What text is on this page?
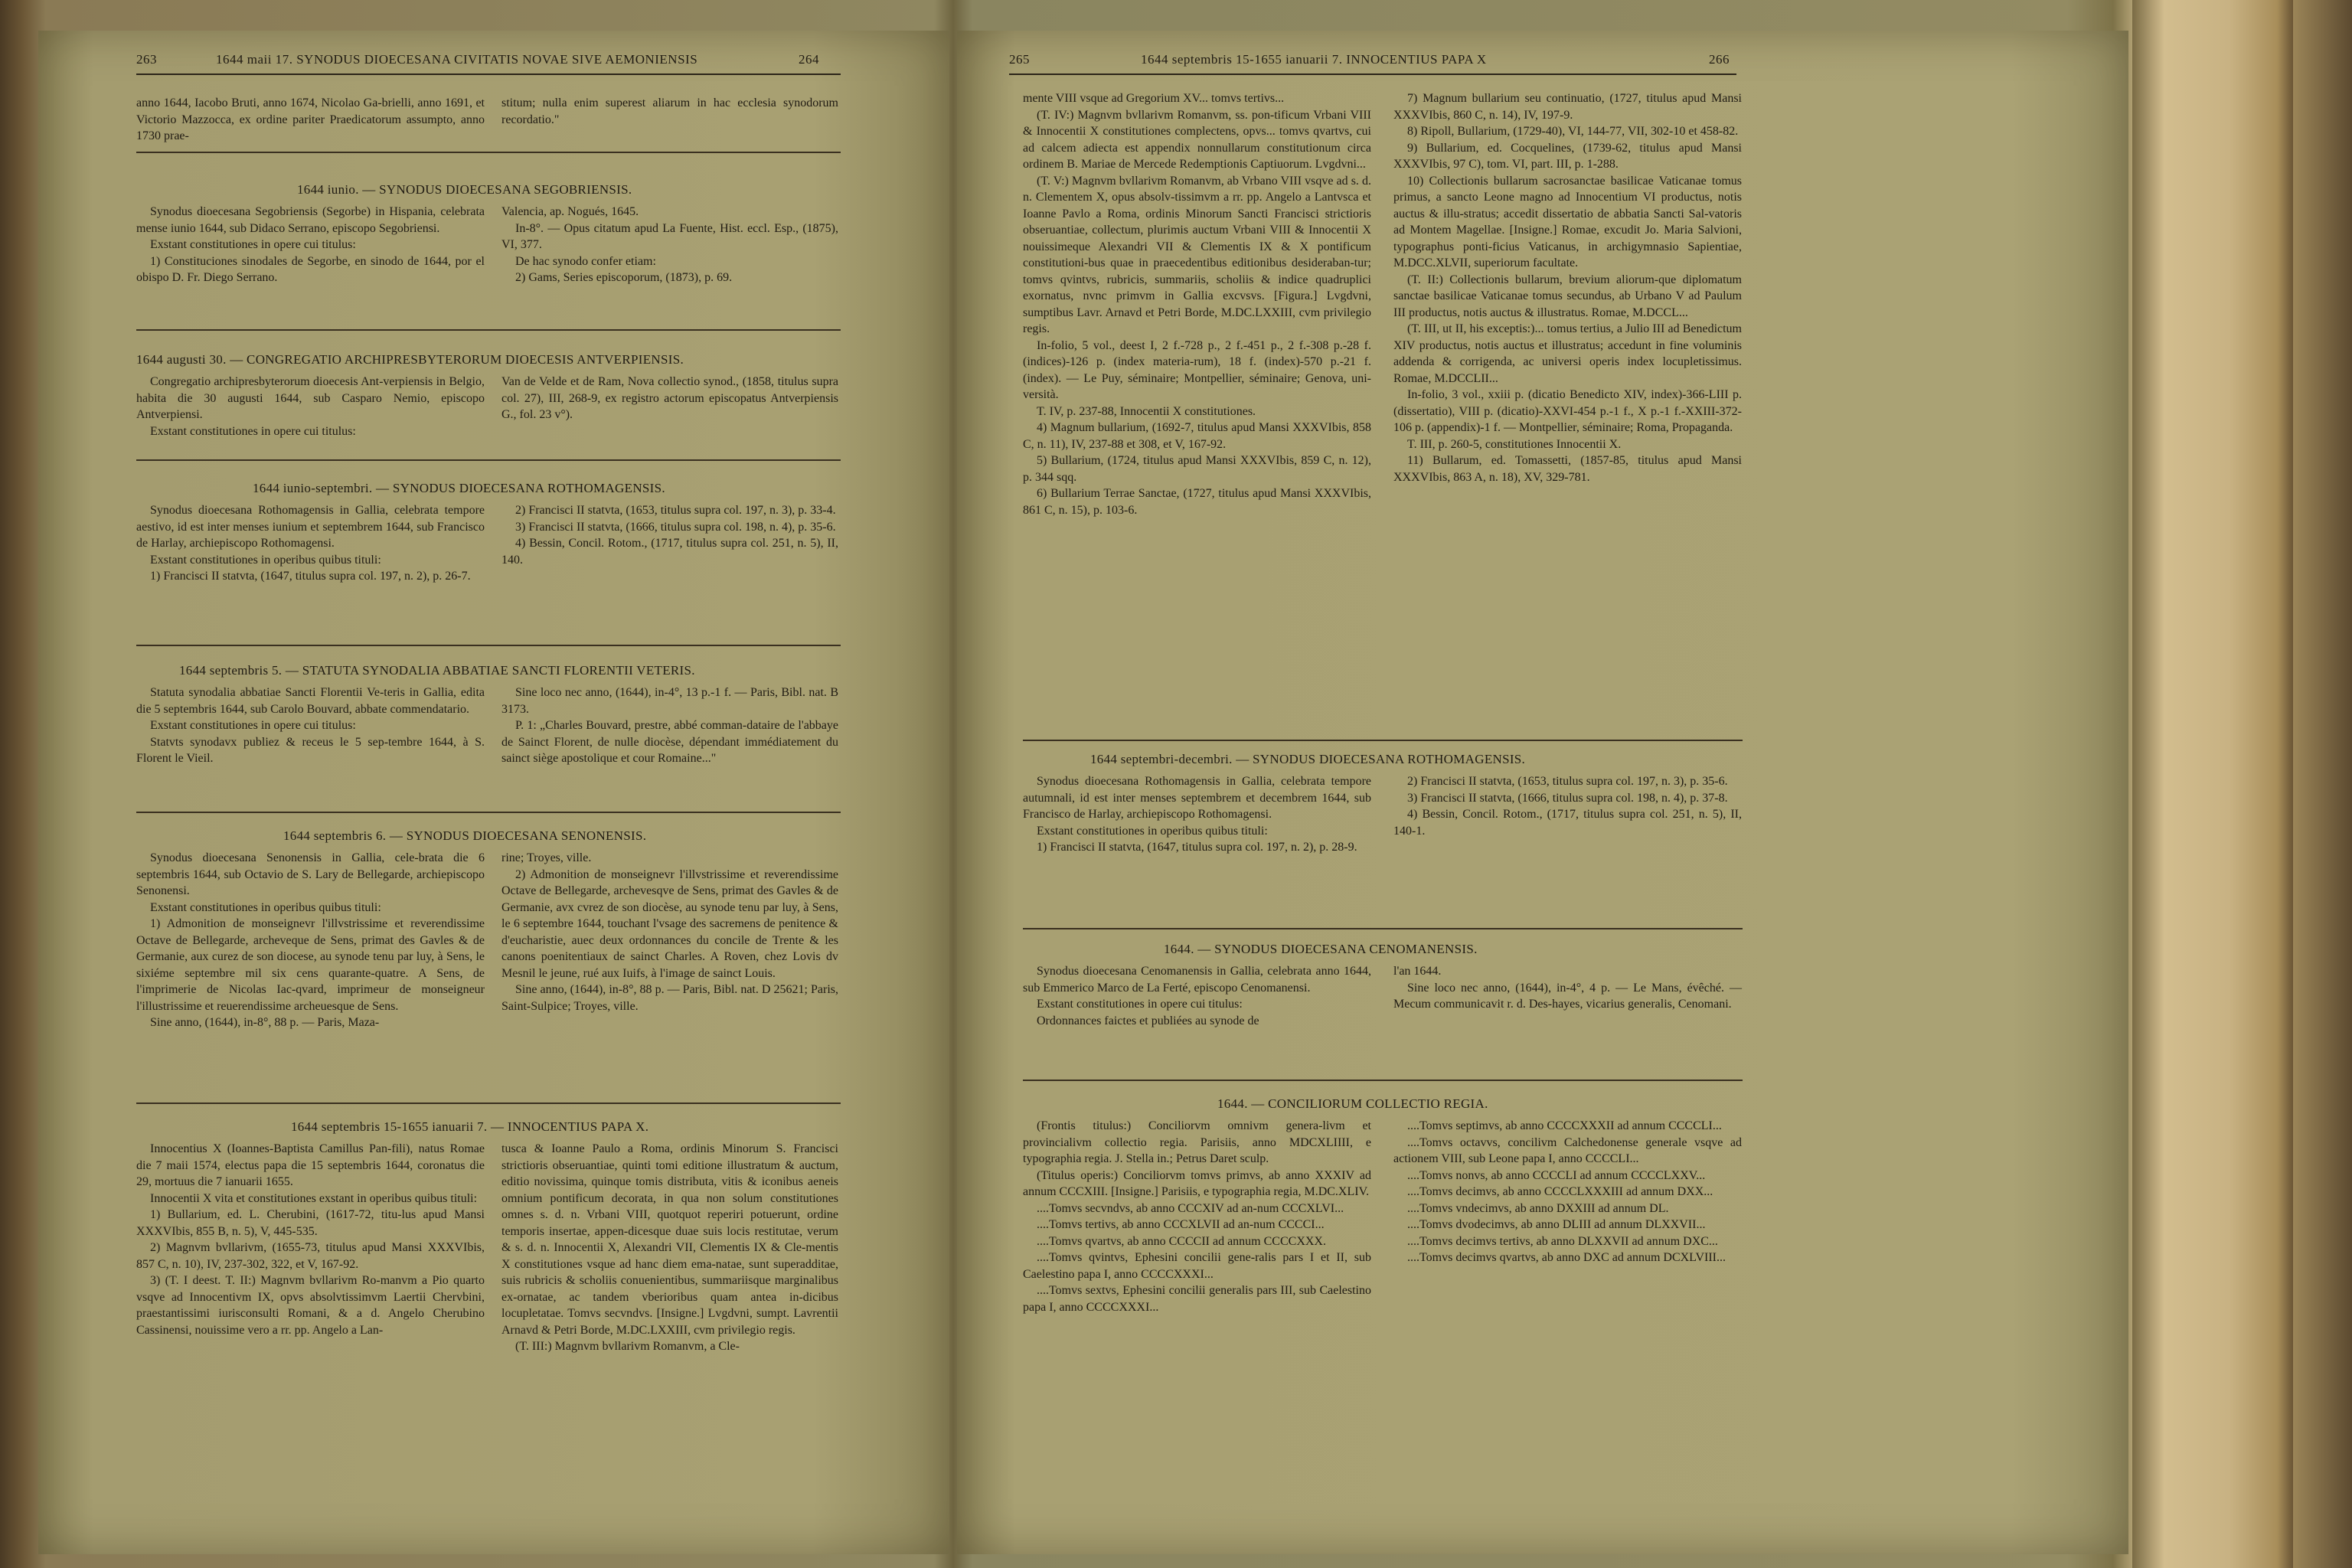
263	1644 maii 17. SYNODUS DIOECESANA CIVITATIS NOVAE SIVE AEMONIENSIS	264

anno 1644, Iacobo Bruti, anno 1674, Nicolao Ga-brielli, anno 1691, et Victorio Mazzocca, ex ordine pariter Praedicatorum assumpto, anno 1730 prae-

stitum; nulla enim superest aliarum in hac ecclesia synodorum recordatio."

1644 iunio. — SYNODUS DIOECESANA SEGOBRIENSIS.

Synodus dioecesana Segobriensis (Segorbe) in Hispania, celebrata mense iunio 1644, sub Didaco Serrano, episcopo Segobriensi.

Exstant constitutiones in opere cui titulus:

1) Constituciones sinodales de Segorbe, en sinodo de 1644, por el obispo D. Fr. Diego Serrano.

Valencia, ap. Nogués, 1645.

In-8°. — Opus citatum apud La Fuente, Hist. eccl. Esp., (1875), VI, 377.

De hac synodo confer etiam:

2) Gams, Series episcoporum, (1873), p. 69.

1644 augusti 30. — CONGREGATIO ARCHIPRESBYTERORUM DIOECESIS ANTVERPIENSIS.

Congregatio archipresbyterorum dioecesis Ant-verpiensis in Belgio, habita die 30 augusti 1644, sub Casparo Nemio, episcopo Antverpiensi.

Exstant constitutiones in opere cui titulus:

Van de Velde et de Ram, Nova collectio synod., (1858, titulus supra col. 27), III, 268-9, ex registro actorum episcopatus Antverpiensis G., fol. 23 v°).

1644 iunio-septembri. — SYNODUS DIOECESANA ROTHOMAGENSIS.

Synodus dioecesana Rothomagensis in Gallia, celebrata tempore aestivo, id est inter menses iunium et septembrem 1644, sub Francisco de Harlay, archiepiscopo Rothomagensi.

Exstant constitutiones in operibus quibus tituli:

1) Francisci II statvta, (1647, titulus supra col. 197, n. 2), p. 26-7.

2) Francisci II statvta, (1653, titulus supra col. 197, n. 3), p. 33-4.

3) Francisci II statvta, (1666, titulus supra col. 198, n. 4), p. 35-6.

4) Bessin, Concil. Rotom., (1717, titulus supra col. 251, n. 5), II, 140.

1644 septembris 5. — STATUTA SYNODALIA ABBATIAE SANCTI FLORENTII VETERIS.

Statuta synodalia abbatiae Sancti Florentii Ve-teris in Gallia, edita die 5 septembris 1644, sub Carolo Bouvard, abbate commendatario.

Exstant constitutiones in opere cui titulus:

Statvts synodavx publiez & receus le 5 sep-tembre 1644, à S. Florent le Vieil.

Sine loco nec anno, (1644), in-4°, 13 p.-1 f. — Paris, Bibl. nat. B 3173.

P. 1: „Charles Bouvard, prestre, abbé comman-dataire de l'abbaye de Sainct Florent, de nulle diocèse, dépendant immédiatement du sainct siège apostolique et cour Romaine..."

1644 septembris 6. — SYNODUS DIOECESANA SENONENSIS.

Synodus dioecesana Senonensis in Gallia, cele-brata die 6 septembris 1644, sub Octavio de S. Lary de Bellegarde, archiepiscopo Senonensi.

Exstant constitutiones in operibus quibus tituli:

1) Admonition de monseignevr l'illvstrissime et reverendissime Octave de Bellegarde, archeveque de Sens, primat des Gavles & de Germanie, aux curez de son diocese, au synode tenu par luy, à Sens, le sixiéme septembre mil six cens quarante-quatre. A Sens, de l'imprimerie de Nicolas Iac-qvard, imprimeur de monseigneur l'illustrissime et reuerendissime archeuesque de Sens.

Sine anno, (1644), in-8°, 88 p. — Paris, Maza-

rine; Troyes, ville.

2) Admonition de monseignevr l'illvstrissime et reverendissime Octave de Bellegarde, archevesqve de Sens, primat des Gavles & de Germanie, avx cvrez de son diocèse, au synode tenu par luy, à Sens, le 6 septembre 1644, touchant l'vsage des sacremens de penitence & d'eucharistie, auec deux ordonnances du concile de Trente & les canons poenitentiaux de sainct Charles. A Roven, chez Lovis dv Mesnil le jeune, rué aux Iuifs, à l'image de sainct Louis.

Sine anno, (1644), in-8°, 88 p. — Paris, Bibl. nat. D 25621; Paris, Saint-Sulpice; Troyes, ville.

1644 septembris 15-1655 ianuarii 7. — INNOCENTIUS PAPA X.

Innocentius X (Ioannes-Baptista Camillus Pan-fili), natus Romae die 7 maii 1574, electus papa die 15 septembris 1644, coronatus die 29, mortuus die 7 ianuarii 1655.

Innocentii X vita et constitutiones exstant in operibus quibus tituli:

1) Bullarium, ed. L. Cherubini, (1617-72, titu-lus apud Mansi XXXVIbis, 855 B, n. 5), V, 445-535.

2) Magnvm bvllarivm, (1655-73, titulus apud Mansi XXXVIbis, 857 C, n. 10), IV, 237-302, 322, et V, 167-92.

3) (T. I deest. T. II:) Magnvm bvllarivm Ro-manvm a Pio quarto vsqve ad Innocentivm IX, opvs absolvtissimvm Laertii Chervbini, praestantissimi iurisconsulti Romani, & a d. Angelo Cherubino Cassinensi, nouissime vero a rr. pp. Angelo a Lan-

tusca & Ioanne Paulo a Roma, ordinis Minorum S. Francisci strictioris obseruantiae, quinti tomi editione illustratum & auctum, editio novissima, quinque tomis distributa, vitis & iconibus aeneis omnium pontificum decorata, in qua non solum constitutiones omnes s. d. n. Vrbani VIII, quotquot reperiri potuerunt, ordine temporis insertae, appen-dicesque duae suis locis restitutae, verum & s. d. n. Innocentii X, Alexandri VII, Clementis IX & Cle-mentis X constitutiones vsque ad hanc diem ema-natae, sunt superadditae, suis rubricis & scholiis conuenientibus, summariisque marginalibus ex-ornatae, ac tandem vberioribus quam antea in-dicibus locupletatae. Tomvs secvndvs. [Insigne.] Lvgdvni, sumpt. Lavrentii Arnavd & Petri Borde, M.DC.LXXIII, cvm privilegio regis.

(T. III:) Magnvm bvllarivm Romanvm, a Cle-

265	1644 septembris 15-1655 ianuarii 7. INNOCENTIUS PAPA X	266

mente VIII vsque ad Gregorium XV... tomvs tertivs...

(T. IV:) Magnvm bvllarivm Romanvm, ss. pon-tificum Vrbani VIII & Innocentii X constitutiones complectens, opvs... tomvs qvartvs, cui ad calcem adiecta est appendix nonnullarum constitutionum circa ordinem B. Mariae de Mercede Redemptionis Captiuorum. Lvgdvni...

(T. V:) Magnvm bvllarivm Romanvm, ab Vrbano VIII vsqve ad s. d. n. Clementem X, opus absolv-tissimvm a rr. pp. Angelo a Lantvsca et Ioanne Pavlo a Roma, ordinis Minorum Sancti Francisci strictioris obseruantiae, collectum, plurimis auctum Vrbani VIII & Innocentii X nouissimeque Alexandri VII & Clementis IX & X pontificum constitutioni-bus quae in praecedentibus editionibus desideraban-tur; tomvs qvintvs, rubricis, summariis, scholiis & indice quadruplici exornatus, nvnc primvm in Gallia excvsvs. [Figura.] Lvgdvni, sumptibus Lavr. Arnavd et Petri Borde, M.DC.LXXIII, cvm privilegio regis.

In-folio, 5 vol., deest I, 2 f.-728 p., 2 f.-451 p., 2 f.-308 p.-28 f. (indices)-126 p. (index materia-rum), 18 f. (index)-570 p.-21 f. (index). — Le Puy, séminaire; Montpellier, séminaire; Genova, uni-versità.

T. IV, p. 237-88, Innocentii X constitutiones.

4) Magnum bullarium, (1692-7, titulus apud Mansi XXXVIbis, 858 C, n. 11), IV, 237-88 et 308, et V, 167-92.

5) Bullarium, (1724, titulus apud Mansi XXXVIbis, 859 C, n. 12), p. 344 sqq.

6) Bullarium Terrae Sanctae, (1727, titulus apud Mansi XXXVIbis, 861 C, n. 15), p. 103-6.

7) Magnum bullarium seu continuatio, (1727, titulus apud Mansi XXXVIbis, 860 C, n. 14), IV, 197-9.

8) Ripoll, Bullarium, (1729-40), VI, 144-77, VII, 302-10 et 458-82.

9) Bullarium, ed. Cocquelines, (1739-62, titulus apud Mansi XXXVIbis, 97 C), tom. VI, part. III, p. 1-288.

10) Collectionis bullarum sacrosanctae basilicae Vaticanae tomus primus, a sancto Leone magno ad Innocentium VI productus, notis auctus & illu-stratus; accedit dissertatio de abbatia Sancti Sal-vatoris ad Montem Magellae. [Insigne.] Romae, excudit Jo. Maria Salvioni, typographus ponti-ficius Vaticanus, in archigymnasio Sapientiae, M.DCC.XLVII, superiorum facultate.

(T. II:) Collectionis bullarum, brevium aliorum-que diplomatum sanctae basilicae Vaticanae tomus secundus, ab Urbano V ad Paulum III productus, notis auctus & illustratus. Romae, M.DCCL...

(T. III, ut II, his exceptis:)... tomus tertius, a Julio III ad Benedictum XIV productus, notis auctus et illustratus; accedunt in fine voluminis addenda & corrigenda, ac universi operis index locupletissimus. Romae, M.DCCLII...

In-folio, 3 vol., xxiii p. (dicatio Benedicto XIV, index)-366-LIII p. (dissertatio), VIII p. (dicatio)-XXVI-454 p.-1 f., X p.-1 f.-XXIII-372-106 p. (appendix)-1 f. — Montpellier, séminaire; Roma, Propaganda.

T. III, p. 260-5, constitutiones Innocentii X.

11) Bullarum, ed. Tomassetti, (1857-85, titulus apud Mansi XXXVIbis, 863 A, n. 18), XV, 329-781.

1644 septembri-decembri. — SYNODUS DIOECESANA ROTHOMAGENSIS.

Synodus dioecesana Rothomagensis in Gallia, celebrata tempore autumnali, id est inter menses septembrem et decembrem 1644, sub Francisco de Harlay, archiepiscopo Rothomagensi.

Exstant constitutiones in operibus quibus tituli:

1) Francisci II statvta, (1647, titulus supra col. 197, n. 2), p. 28-9.

2) Francisci II statvta, (1653, titulus supra col. 197, n. 3), p. 35-6.

3) Francisci II statvta, (1666, titulus supra col. 198, n. 4), p. 37-8.

4) Bessin, Concil. Rotom., (1717, titulus supra col. 251, n. 5), II, 140-1.

1644. — SYNODUS DIOECESANA CENOMANENSIS.

Synodus dioecesana Cenomanensis in Gallia, celebrata anno 1644, sub Emmerico Marco de La Ferté, episcopo Cenomanensi.

Exstant constitutiones in opere cui titulus:

Ordonnances faictes et publiées au synode de

l'an 1644.

Sine loco nec anno, (1644), in-4°, 4 p. — Le Mans, évêché. — Mecum communicavit r. d. Des-hayes, vicarius generalis, Cenomani.

1644. — CONCILIORUM COLLECTIO REGIA.

(Frontis titulus:) Conciliorvm omnivm genera-livm et provincialivm collectio regia. Parisiis, anno MDCXLIIII, e typographia regia. J. Stella in.; Petrus Daret sculp.

(Titulus operis:) Conciliorvm tomvs primvs, ab anno XXXIV ad annum CCCXIII. [Insigne.] Parisiis, e typographia regia, M.DC.XLIV.

....Tomvs secvndvs, ab anno CCCXIV ad an-num CCCXLVI...

....Tomvs tertivs, ab anno CCCXLVII ad an-num CCCCI...

....Tomvs qvartvs, ab anno CCCCII ad annum CCCCXXX.

....Tomvs qvintvs, Ephesini concilii gene-ralis pars I et II, sub Caelestino papa I, anno CCCCXXXI...

....Tomvs sextvs, Ephesini concilii generalis pars III, sub Caelestino papa I, anno CCCCXXXI...

....Tomvs septimvs, ab anno CCCCXXXII ad annum CCCCLI...

....Tomvs octavvs, concilivm Calchedonense generale vsqve ad actionem VIII, sub Leone papa I, anno CCCCLI...

....Tomvs nonvs, ab anno CCCCLI ad annum CCCCLXXV...

....Tomvs decimvs, ab anno CCCCLXXXIII ad annum DXX...

....Tomvs vndecimvs, ab anno DXXIII ad annum DL.

....Tomvs dvodecimvs, ab anno DLIII ad annum DLXXVII...

....Tomvs decimvs tertivs, ab anno DLXXVII ad annum DXC...

....Tomvs decimvs qvartvs, ab anno DXC ad annum DCXLVIII...
